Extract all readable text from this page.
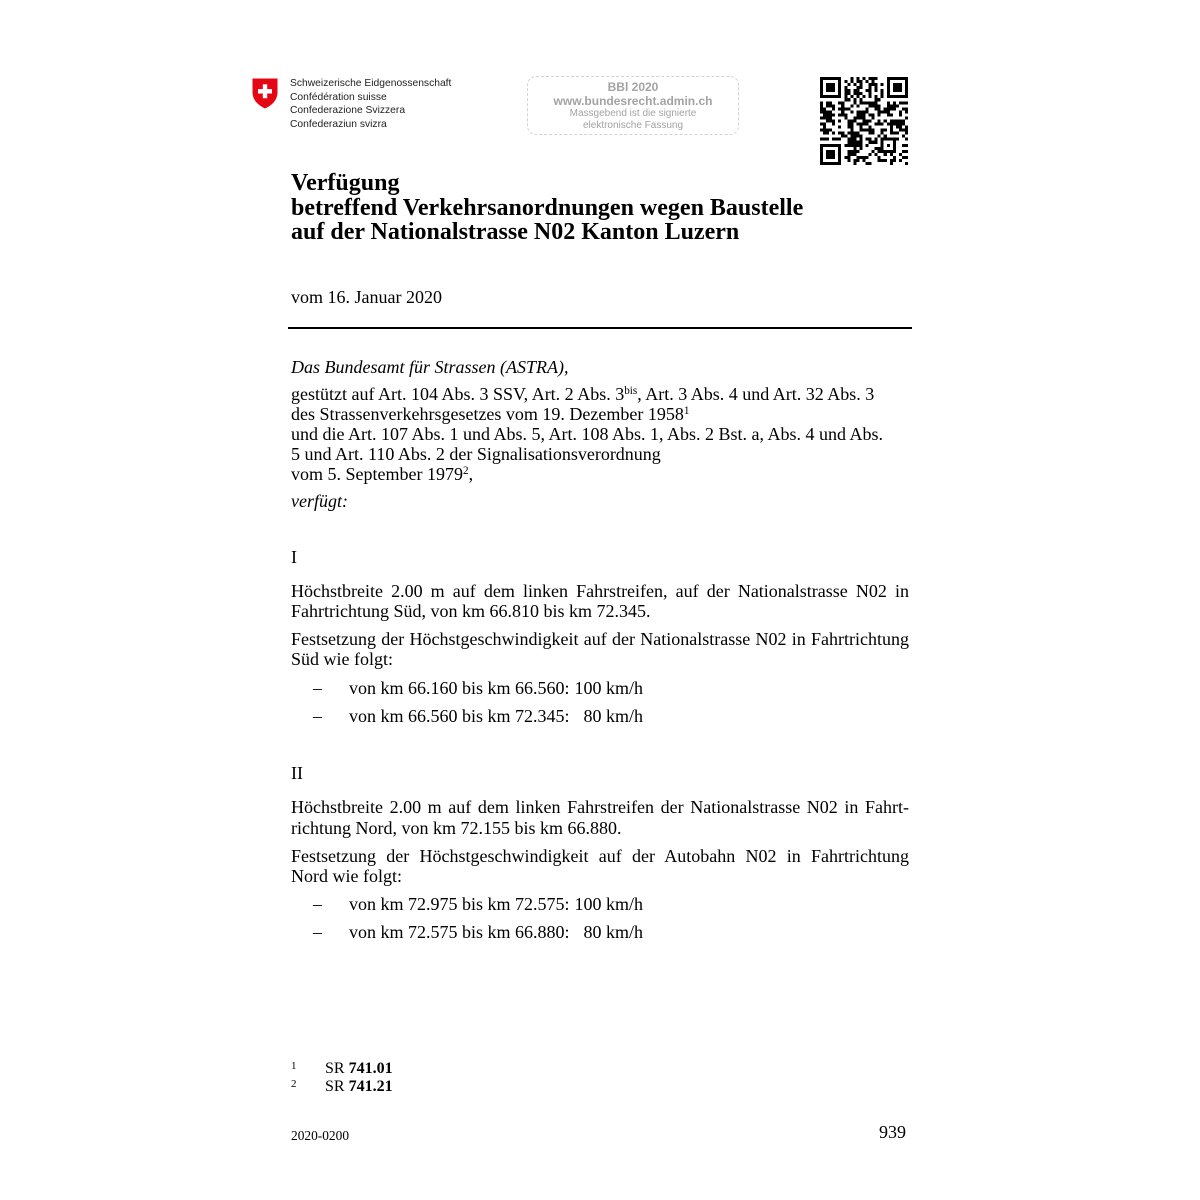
Schweizerische Eidgenossenschaft
Confédération suisse
Confederazione Svizzera
Confederaziun svizra
BBl 2020
www.bundesrecht.admin.ch
Massgebend ist die signierte
elektronische Fassung
Verfügung
betreffend Verkehrsanordnungen wegen Baustelle
auf der Nationalstrasse N02 Kanton Luzern
vom 16. Januar 2020
Das Bundesamt für Strassen (ASTRA),
gestützt auf Art. 104 Abs. 3 SSV, Art. 2 Abs. $3^{bis}$, Art. 3 Abs. 4 und Art. 32 Abs. 3
des Strassenverkehrsgesetzes vom 19. Dezember 1958$^1$
und die Art. 107 Abs. 1 und Abs. 5, Art. 108 Abs. 1, Abs. 2 Bst. a, Abs. 4 und Abs.
5 und Art. 110 Abs. 2 der Signalisationsverordnung
vom 5. September 1979$^2$,
verfügt:
I
Höchstbreite 2.00 m auf dem linken Fahrstreifen, auf der Nationalstrasse N02 in
Fahrtrichtung Süd, von km 66.810 bis km 72.345.
Festsetzung der Höchstgeschwindigkeit auf der Nationalstrasse N02 in Fahrtrichtung
Süd wie folgt:
– von km 66.160 bis km 66.560: 100 km/h
– von km 66.560 bis km 72.345: 80 km/h
II
Höchstbreite 2.00 m auf dem linken Fahrstreifen der Nationalstrasse N02 in Fahrt-
richtung Nord, von km 72.155 bis km 66.880.
Festsetzung der Höchstgeschwindigkeit auf der Autobahn N02 in Fahrtrichtung
Nord wie folgt:
– von km 72.975 bis km 72.575: 100 km/h
– von km 72.575 bis km 66.880: 80 km/h
1 SR 741.01
2 SR 741.21
2020-0200	939
